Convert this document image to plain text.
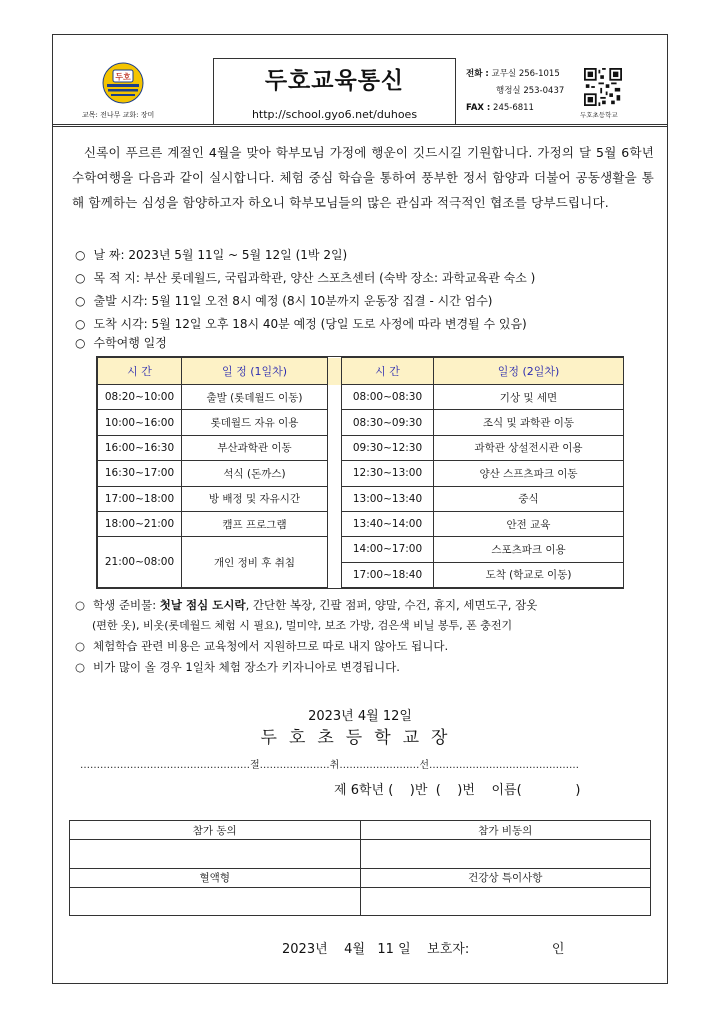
두호
교목: 전나무 교화: 장미
두호교육통신
http://school.gyo6.net/duhoes
전화 : 교무실 256-1015
행정실 253-0437
FAX : 245-6811
두호초등학교
신록이 푸르른 계절인 4월을 맞아 학부모님 가정에 행운이 깃드시길 기원합니다. 가정의 달 5월 6학년 수학여행을 다음과 같이 실시합니다. 체험 중심 학습을 통하여 풍부한 정서 함양과 더불어 공동생활을 통해 함께하는 심성을 함양하고자 하오니 학부모님들의 많은 관심과 적극적인 협조를 당부드립니다.
○ 날 짜: 2023년 5월 11일 ~ 5월 12일 (1박 2일)
○ 목 적 지: 부산 롯데월드, 국립과학관, 양산 스포츠센터 (숙박 장소: 과학교육관 숙소 )
○ 출발 시각: 5월 11일 오전 8시 예정 (8시 10분까지 운동장 집결 - 시간 엄수)
○ 도착 시각: 5월 12일 오후 18시 40분 예정 (당일 도로 사정에 따라 변경될 수 있음)
○ 수학여행 일정
시 간	일 정 (1일차)		시 간	일정 (2일차)
08:20~10:00	출발 (롯데월드 이동)		08:00~08:30	기상 및 세면
10:00~16:00	롯데월드 자유 이용		08:30~09:30	조식 및 과학관 이동
16:00~16:30	부산과학관 이동		09:30~12:30	과학관 상설전시관 이용
16:30~17:00	석식 (돈까스)		12:30~13:00	양산 스프츠파크 이동
17:00~18:00	방 배정 및 자유시간		13:00~13:40	중식
18:00~21:00	캠프 프로그램		13:40~14:00	안전 교육
21:00~08:00	개인 정비 후 취침		14:00~17:00	스포츠파크 이용
			17:00~18:40	도착 (학교로 이동)
○ 학생 준비물: 첫날 점심 도시락, 간단한 복장, 긴팔 점퍼, 양말, 수건, 휴지, 세면도구, 잠옷
(편한 옷), 비옷(롯데월드 체험 시 필요), 멀미약, 보조 가방, 검은색 비닐 봉투, 폰 충전기
○ 체험학습 관련 비용은 교육청에서 지원하므로 따로 내지 않아도 됩니다.
○ 비가 많이 올 경우 1일차 체험 장소가 키자니아로 변경됩니다.
2023년 4월 12일
두호초등학교장
……………………………………………절…………………취……………………선………………………………………
제 6학년 (    )반  (    )번    이름(             )
참가 동의	참가 비동의

혈액형	건강상 특이사항

2023년    4월   11 일    보호자:                    인
